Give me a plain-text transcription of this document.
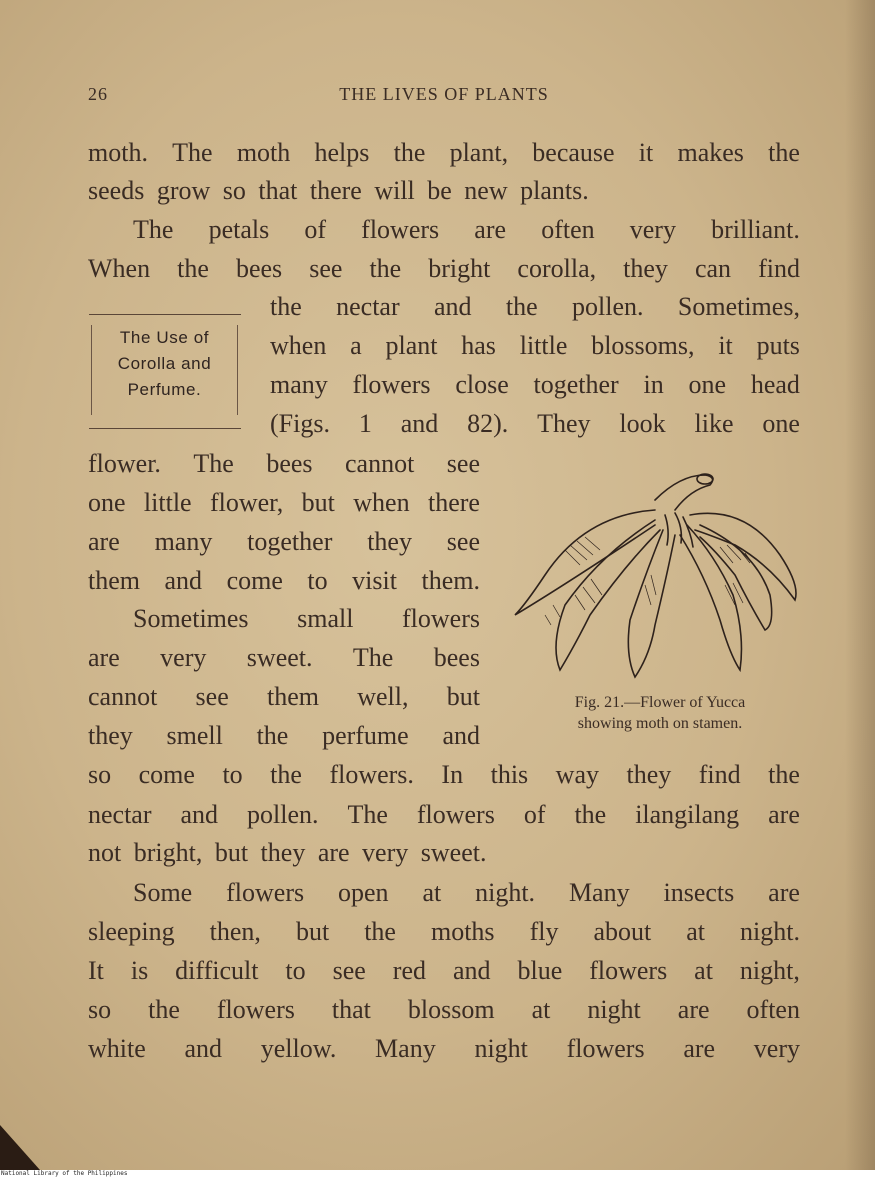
26	THE LIVES OF PLANTS
moth. The moth helps the plant, because it makes the
seeds grow so that there will be new plants.
The petals of flowers are often very brilliant.
When the bees see the bright corolla, they can find
the nectar and the pollen. Sometimes,
when a plant has little blossoms, it puts
many flowers close together in one head
(Figs. 1 and 82). They look like one
flower. The bees cannot see
one little flower, but when there
are many together they see
them and come to visit them.
Sometimes small flowers
are very sweet. The bees
cannot see them well, but
they smell the perfume and
so come to the flowers. In this way they find the
nectar and pollen. The flowers of the ilangilang are
not bright, but they are very sweet.
Some flowers open at night. Many insects are
sleeping then, but the moths fly about at night.
It is difficult to see red and blue flowers at night,
so the flowers that blossom at night are often
white and yellow. Many night flowers are very
The Use of
Corolla and
Perfume.
Fig. 21.—Flower of Yucca
showing moth on stamen.
National Library of the Philippines
